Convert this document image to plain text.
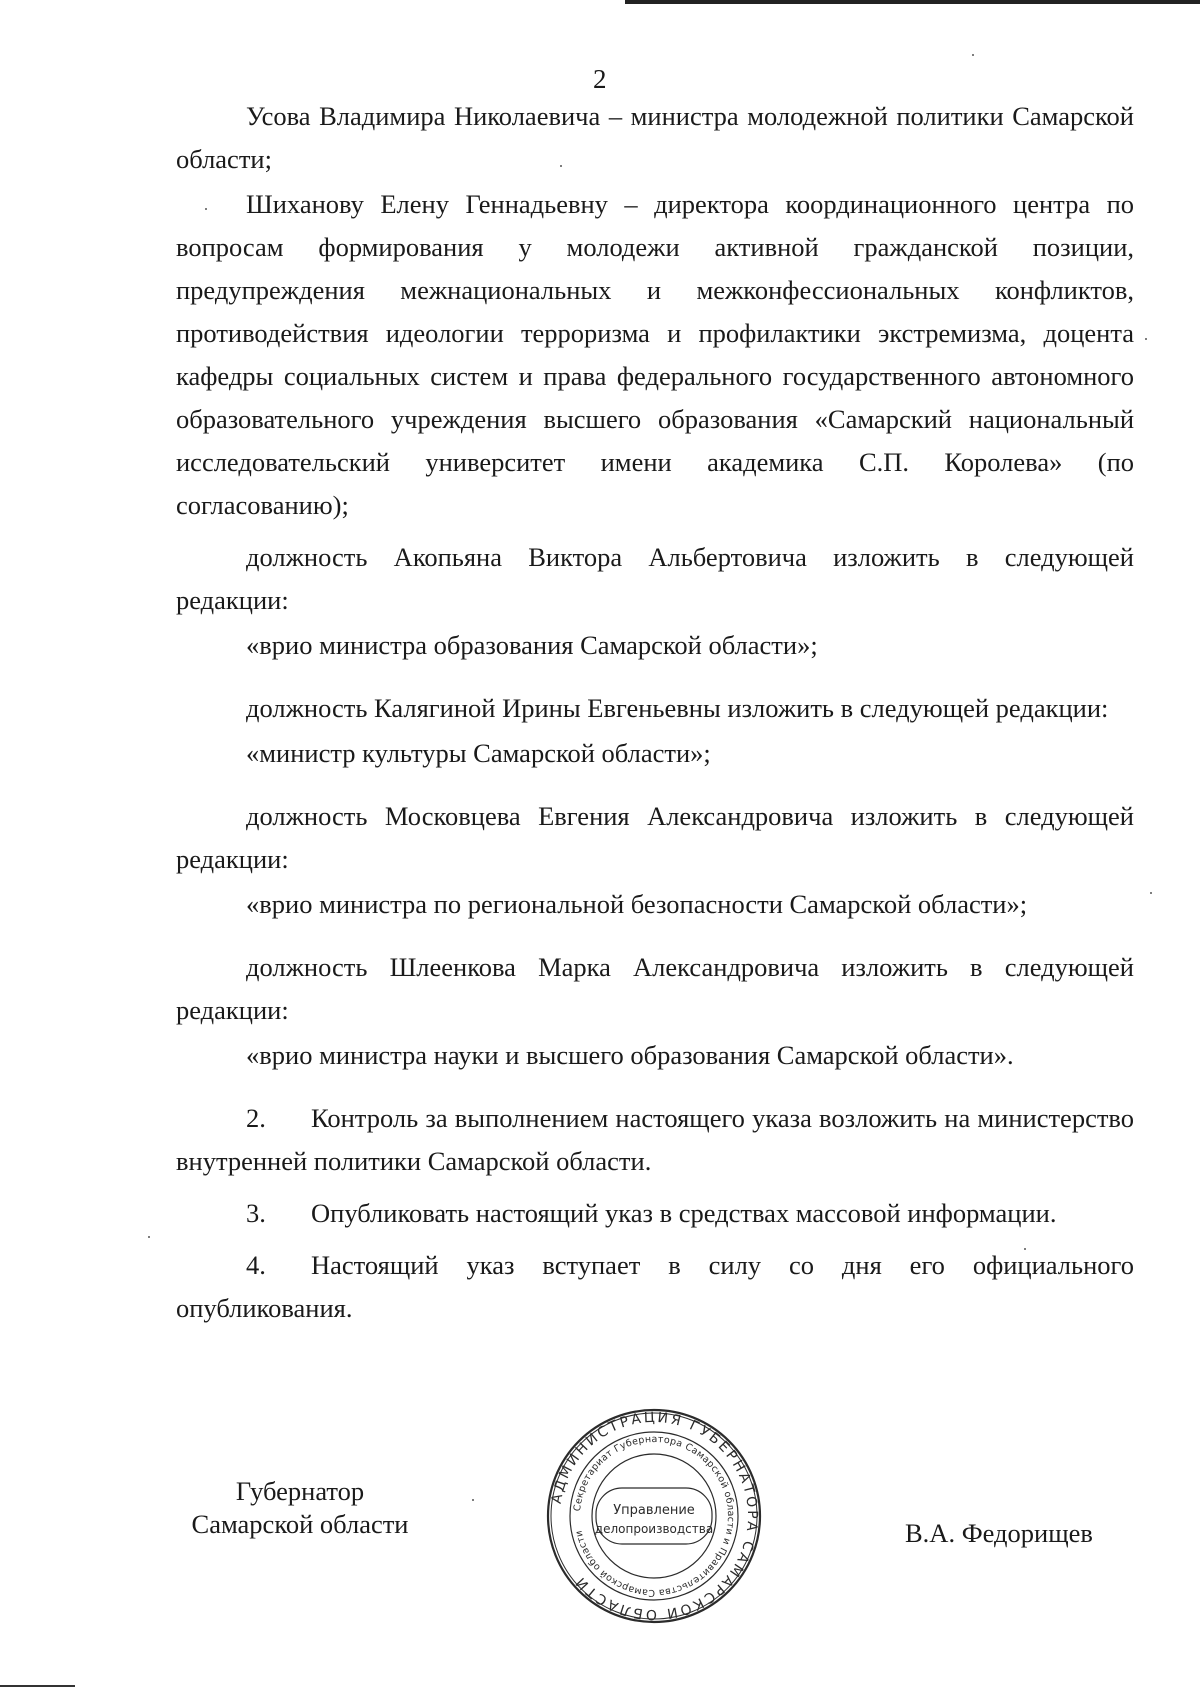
2

Усова Владимира Николаевича – министра молодежной политики Самарской области;

Шиханову Елену Геннадьевну – директора координационного центра по вопросам формирования у молодежи активной гражданской позиции, предупреждения межнациональных и межконфессиональных конфликтов, противодействия идеологии терроризма и профилактики экстремизма, доцента кафедры социальных систем и права федерального государственного автономного образовательного учреждения высшего образования «Самарский национальный исследовательский университет имени академика С.П. Королева» (по согласованию);

должность Акопьяна Виктора Альбертовича изложить в следующей редакции:

«врио министра образования Самарской области»;

должность Калягиной Ирины Евгеньевны изложить в следующей редакции:

«министр культуры Самарской области»;

должность Московцева Евгения Александровича изложить в следующей редакции:

«врио министра по региональной безопасности Самарской области»;

должность Шлеенкова Марка Александровича изложить в следующей редакции:

«врио министра науки и высшего образования Самарской области».

2. Контроль за выполнением настоящего указа возложить на министерство внутренней политики Самарской области.

3. Опубликовать настоящий указ в средствах массовой информации.

4. Настоящий указ вступает в силу со дня его официального опубликования.

Губернатор
Самарской области
АДМИНИСТРАЦИЯ ГУБЕРНАТОРА САМАРСКОЙ ОБЛАСТИ
Секретариат Губернатора Самарской области и Правительства Самарской области
Управление
делопроизводства	В.А. Федорищев
